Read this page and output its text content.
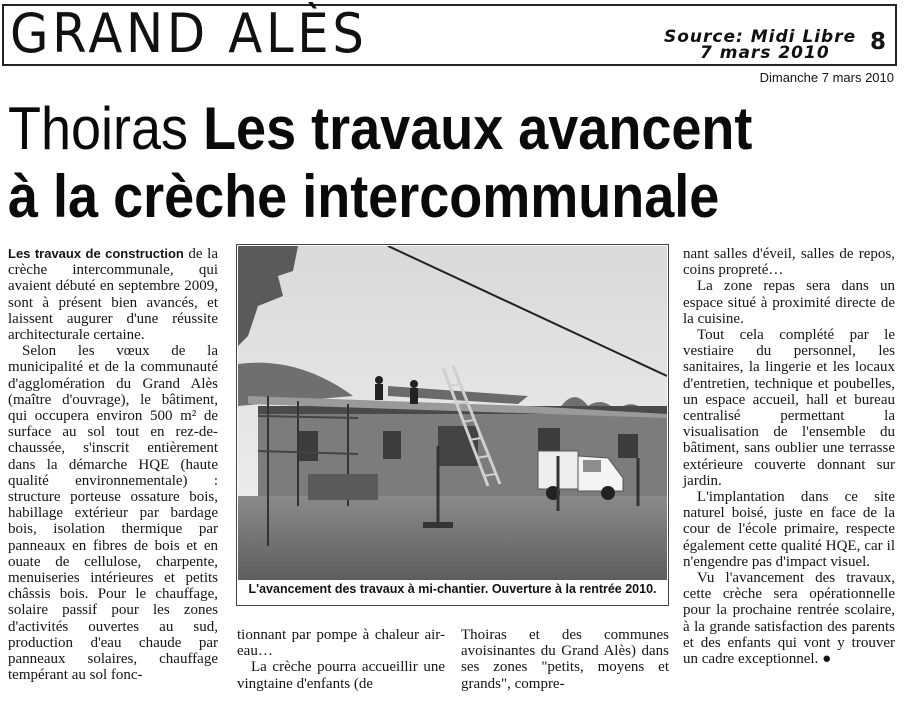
GRAND ALÈS	Source: Midi Libre
7 mars 2010 8
Dimanche 7 mars 2010
Thoiras Les travaux avancent
à la crèche intercommunale

Les travaux de construction de la crèche intercommunale, qui avaient débuté en septembre 2009, sont à présent bien avancés, et laissent augurer d'une réussite architecturale certaine.

Selon les vœux de la municipalité et de la communauté d'agglomération du Grand Alès (maître d'ouvrage), le bâtiment, qui occupera environ 500 m² de surface au sol tout en rez-de-chaussée, s'inscrit entièrement dans la démarche HQE (haute qualité environnementale) : structure porteuse ossature bois, habillage extérieur par bardage bois, isolation thermique par panneaux en fibres de bois et en ouate de cellulose, charpente, menuiseries intérieures et petits châssis bois. Pour le chauffage, solaire passif pour les zones d'activités ouvertes au sud, production d'eau chaude par panneaux solaires, chauffage tempérant au sol fonc-

L'avancement des travaux à mi-chantier. Ouverture à la rentrée 2010.

tionnant par pompe à chaleur air-eau…

La crèche pourra accueillir une vingtaine d'enfants (de

Thoiras et des communes avoisinantes du Grand Alès) dans ses zones "petits, moyens et grands", compre-

nant salles d'éveil, salles de repos, coins propreté…

La zone repas sera dans un espace situé à proximité directe de la cuisine.

Tout cela complété par le vestiaire du personnel, les sanitaires, la lingerie et les locaux d'entretien, technique et poubelles, un espace accueil, hall et bureau centralisé permettant la visualisation de l'ensemble du bâtiment, sans oublier une terrasse extérieure couverte donnant sur jardin.

L'implantation dans ce site naturel boisé, juste en face de la cour de l'école primaire, respecte également cette qualité HQE, car il n'engendre pas d'impact visuel.

Vu l'avancement des travaux, cette crèche sera opérationnelle pour la prochaine rentrée scolaire, à la grande satisfaction des parents et des enfants qui vont y trouver un cadre exceptionnel. ●
